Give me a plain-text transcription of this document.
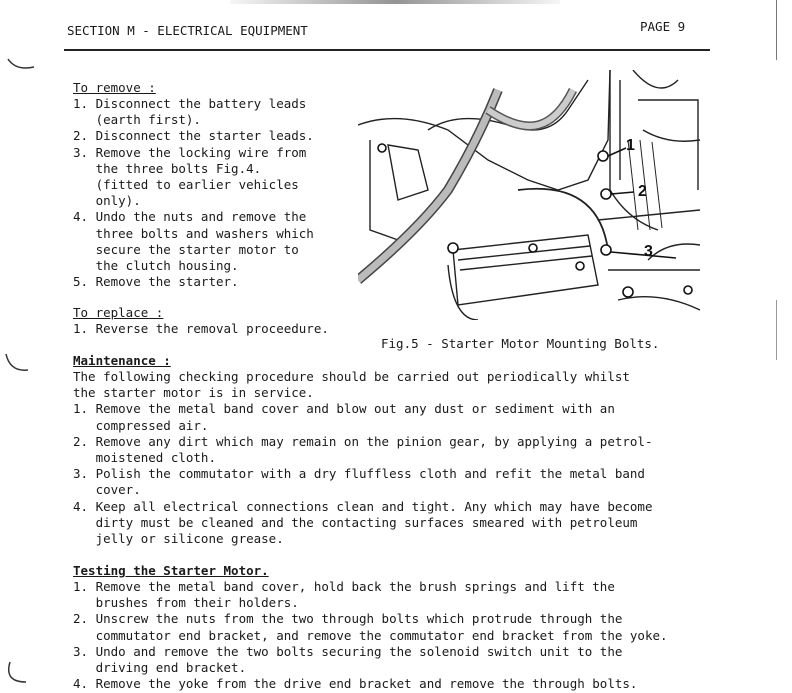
SECTION M - ELECTRICAL EQUIPMENT	PAGE 9
To remove :
1. Disconnect the battery leads
(earth first).
2. Disconnect the starter leads.
3. Remove the locking wire from
the three bolts Fig.4.
(fitted to earlier vehicles
only).
4. Undo the nuts and remove the
three bolts and washers which
secure the starter motor to
the clutch housing.
5. Remove the starter.
To replace :
1. Reverse the removal proceedure.
1
2
3
Fig.5 - Starter Motor Mounting Bolts.
Maintenance :
The following checking procedure should be carried out periodically whilst
the starter motor is in service.
1. Remove the metal band cover and blow out any dust or sediment with an
compressed air.
2. Remove any dirt which may remain on the pinion gear, by applying a petrol-
moistened cloth.
3. Polish the commutator with a dry fluffless cloth and refit the metal band
cover.
4. Keep all electrical connections clean and tight. Any which may have become
dirty must be cleaned and the contacting surfaces smeared with petroleum
jelly or silicone grease.
Testing the Starter Motor.
1. Remove the metal band cover, hold back the brush springs and lift the
brushes from their holders.
2. Unscrew the nuts from the two through bolts which protrude through the
commutator end bracket, and remove the commutator end bracket from the yoke.
3. Undo and remove the two bolts securing the solenoid switch unit to the
driving end bracket.
4. Remove the yoke from the drive end bracket and remove the through bolts.
